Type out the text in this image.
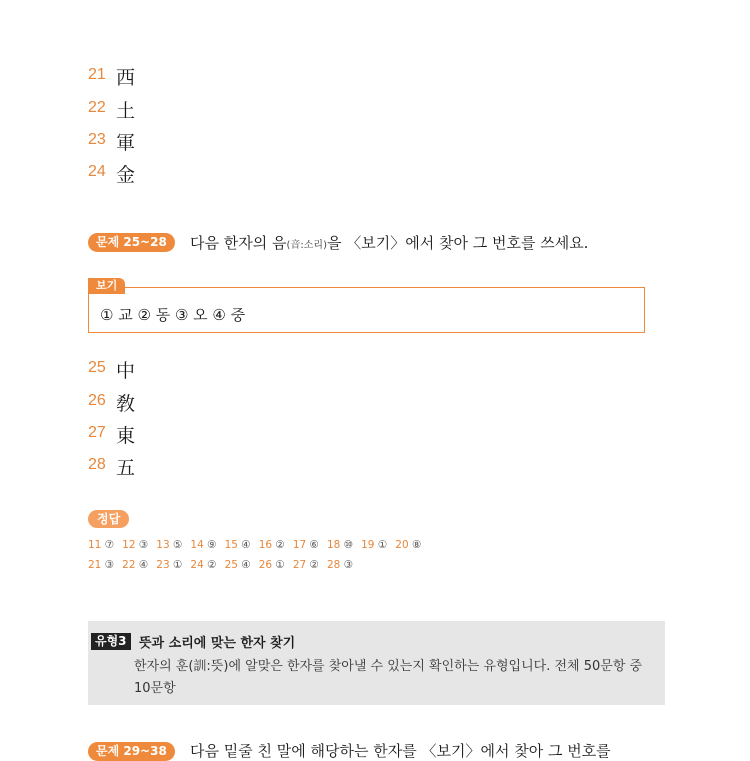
21 西
22 土
23 軍
24 金
문제 25~28	다음 한자의 음(音:소리)을 〈보기〉에서 찾아 그 번호를 쓰세요.
보기
① 교 ② 동 ③ 오 ④ 중
25 中
26 敎
27 東
28 五
정답
11 ⑦ 12 ③ 13 ⑤ 14 ⑨ 15 ④ 16 ② 17 ⑥ 18 ⑩ 19 ① 20 ⑧
21 ③ 22 ④ 23 ① 24 ② 25 ④ 26 ① 27 ② 28 ③
유형3 뜻과 소리에 맞는 한자 찾기
한자의 훈(訓:뜻)에 알맞은 한자를 찾아낼 수 있는지 확인하는 유형입니다. 전체 50문항 중 10문항
문제 29~38	다음 밑줄 친 말에 해당하는 한자를 〈보기〉에서 찾아 그 번호를
